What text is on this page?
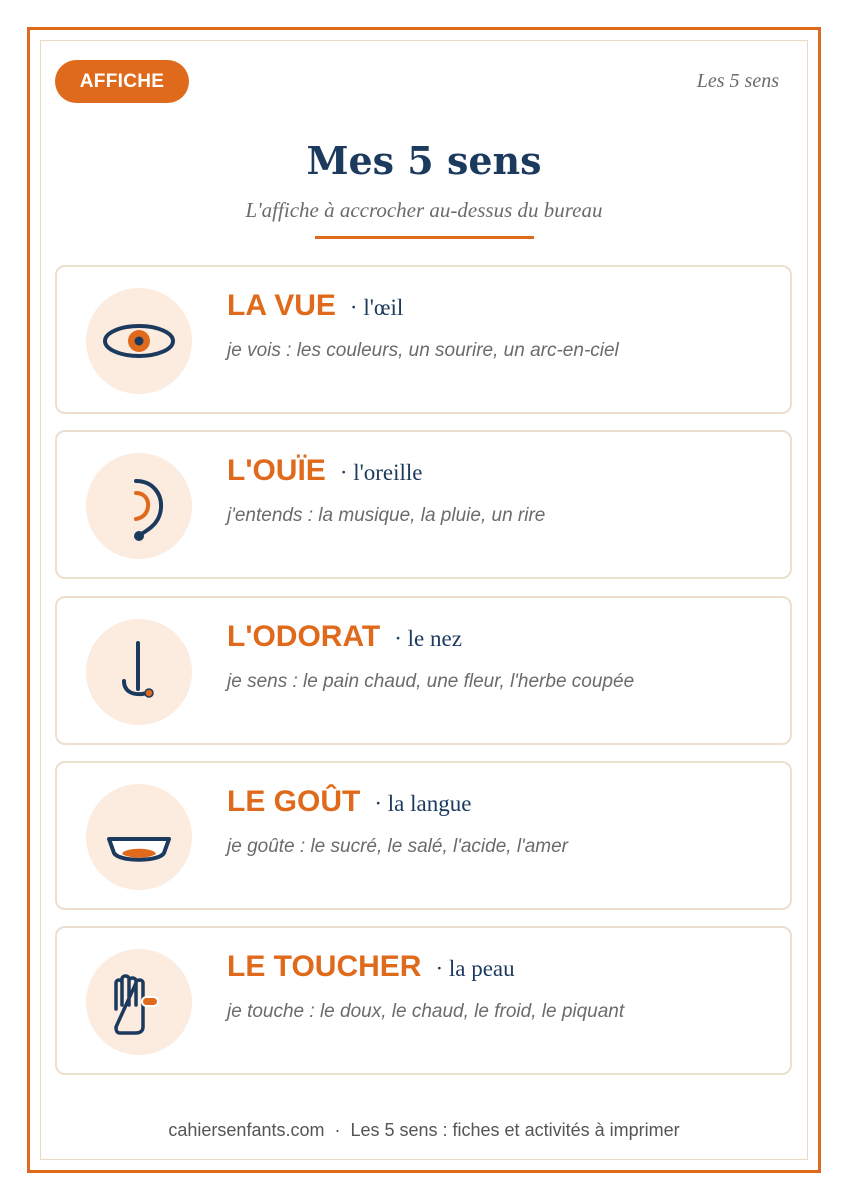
AFFICHE	Les 5 sens
Mes 5 sens
L'affiche à accrocher au-dessus du bureau
LA VUE · l'œil
je vois : les couleurs, un sourire, un arc-en-ciel
L'OUÏE · l'oreille
j'entends : la musique, la pluie, un rire
L'ODORAT · le nez
je sens : le pain chaud, une fleur, l'herbe coupée
LE GOÛT · la langue
je goûte : le sucré, le salé, l'acide, l'amer
LE TOUCHER · la peau
je touche : le doux, le chaud, le froid, le piquant
cahiersenfants.com · Les 5 sens : fiches et activités à imprimer
